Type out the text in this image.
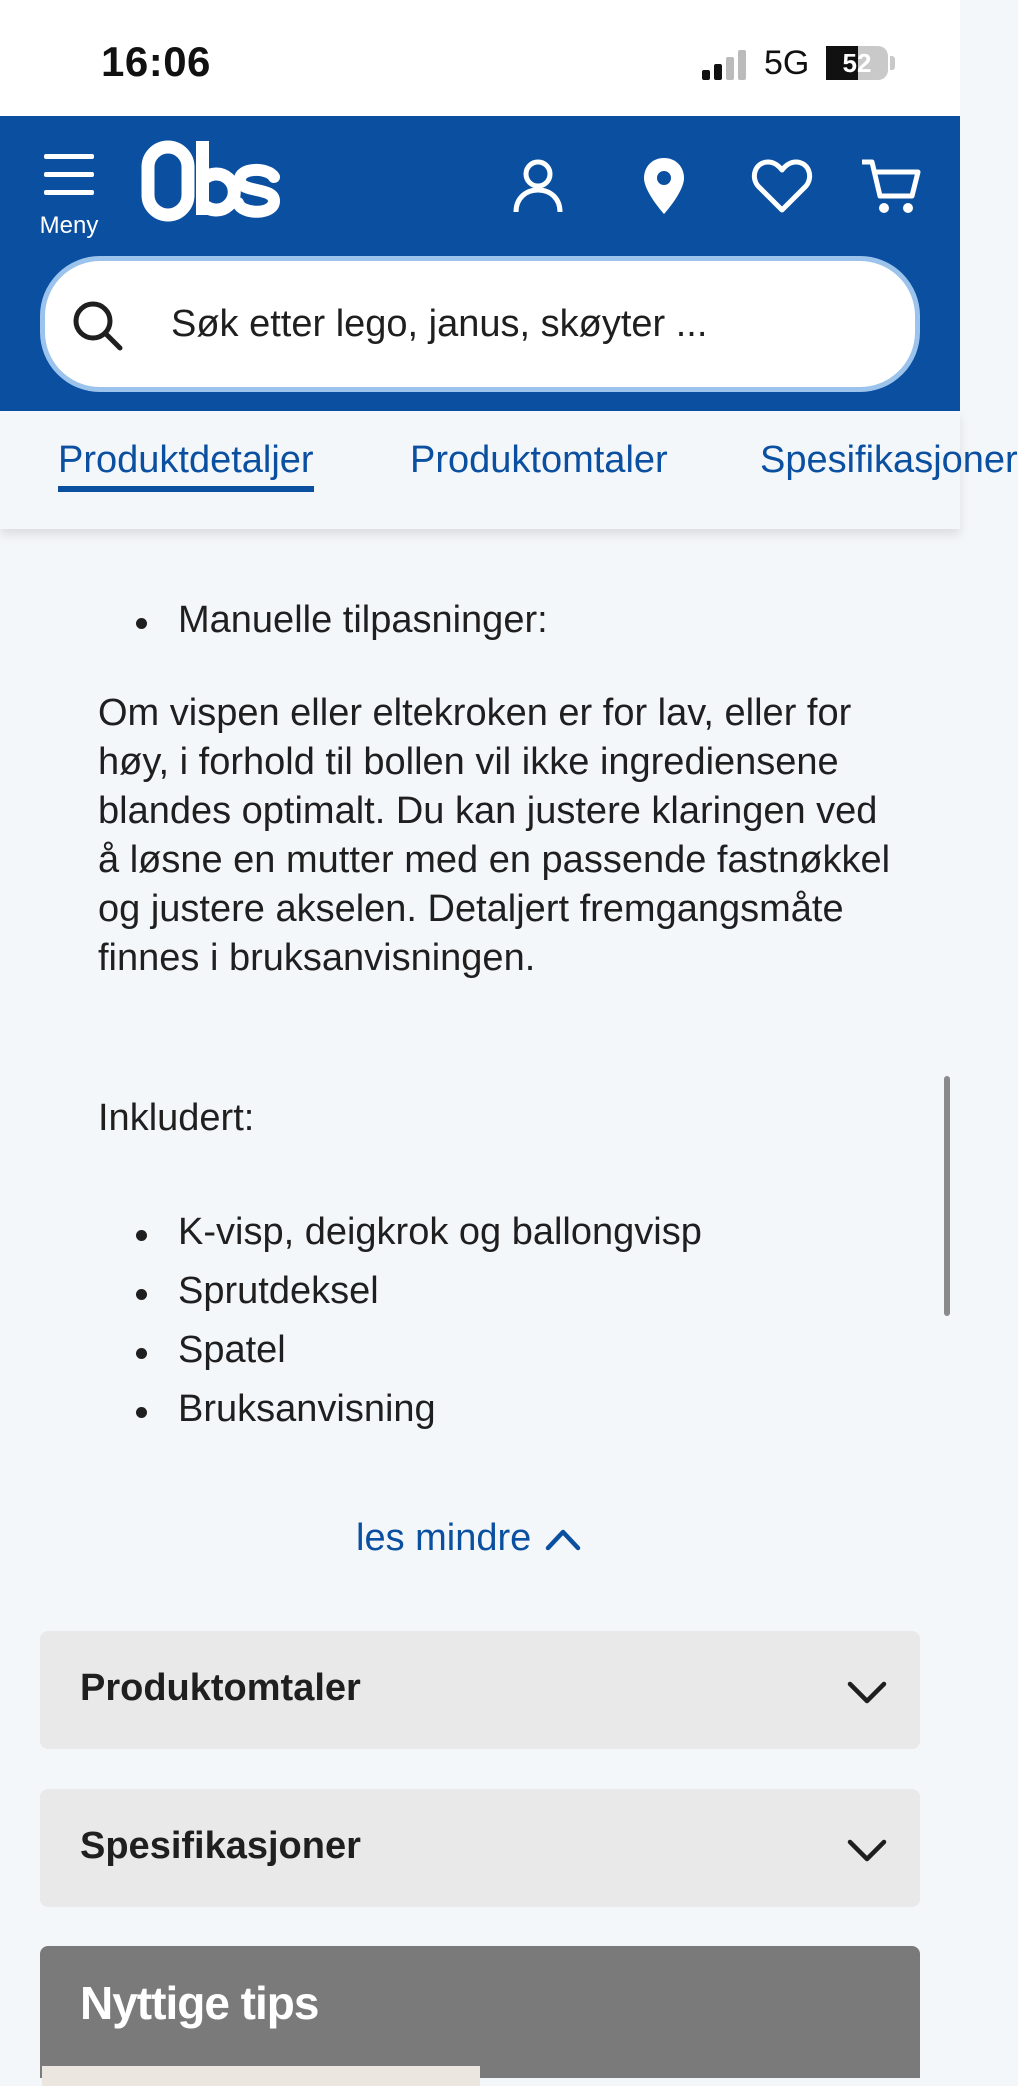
16:06	5G	52
Meny
Søk etter lego, janus, skøyter ...
Produktdetaljer	Produktomtaler Spesifikasjoner
Manuelle tilpasninger:
Om vispen eller eltekroken er for lav, eller for høy, i forhold til bollen vil ikke ingrediensene blandes optimalt. Du kan justere klaringen ved å løsne en mutter med en passende fastnøkkel og justere akselen. Detaljert fremgangsmåte finnes i bruksanvisningen.
Inkludert:
K-visp, deigkrok og ballongvisp
Sprutdeksel
Spatel
Bruksanvisning
les mindre
Produktomtaler
Spesifikasjoner
Nyttige tips
